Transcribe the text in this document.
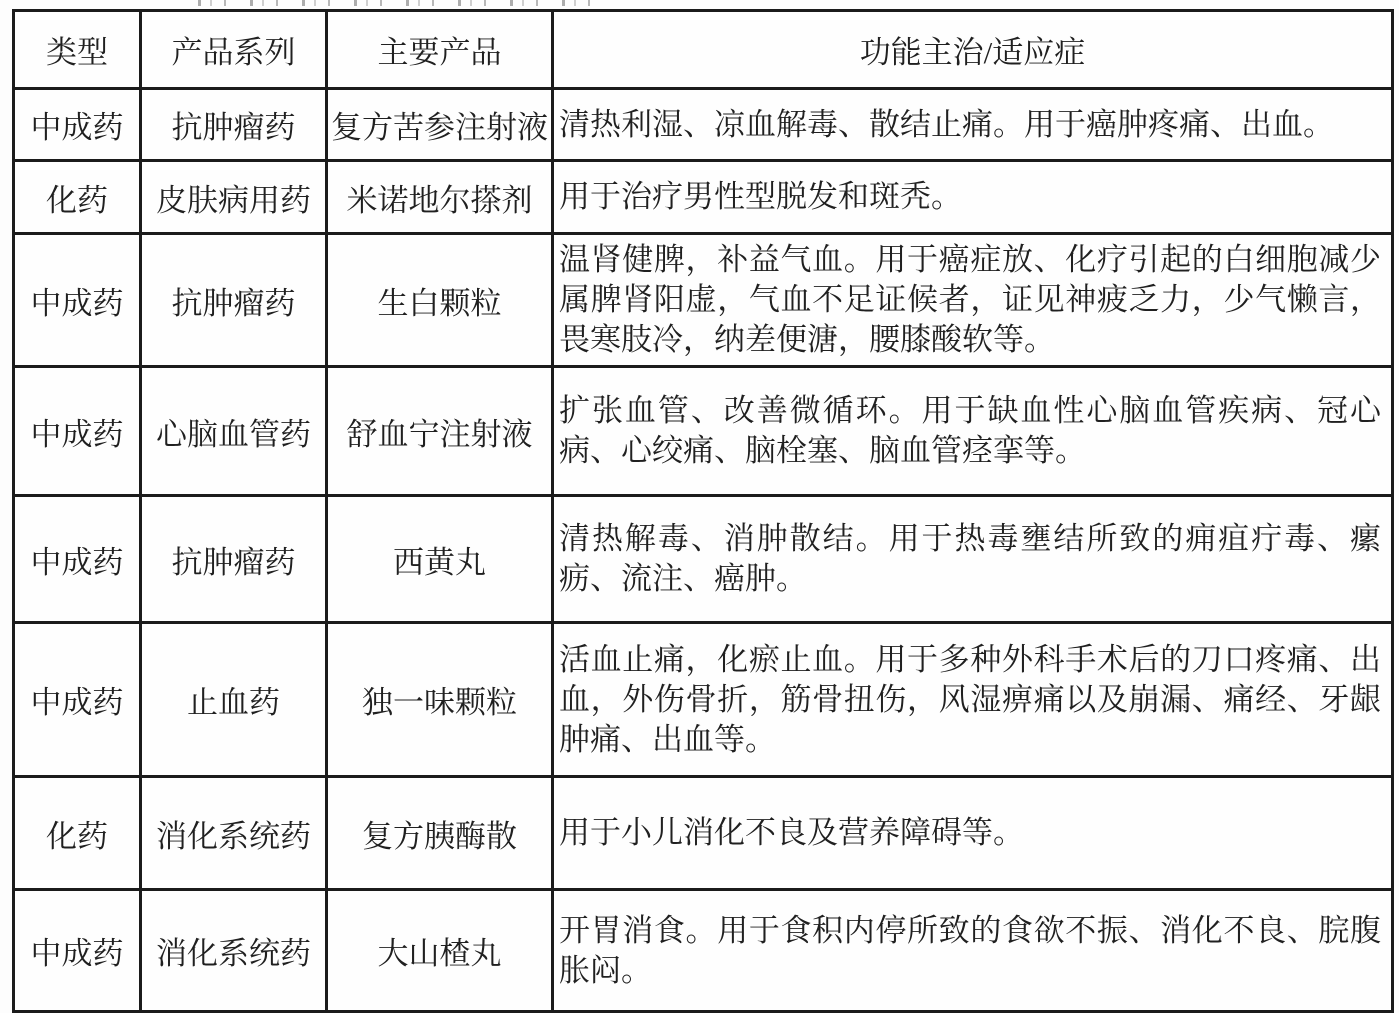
类型	产品系列	主要产品	功能主治/适应症
中成药	抗肿瘤药	复方苦参注射液	清热利湿、凉血解毒、散结止痛。用于癌肿疼痛、出血。
化药	皮肤病用药	米诺地尔搽剂	用于治疗男性型脱发和斑秃。
中成药	抗肿瘤药	生白颗粒	温肾健脾，补益气血。用于癌症放、化疗引起的白细胞减少属脾肾阳虚，气血不足证候者，证见神疲乏力，少气懒言，畏寒肢冷，纳差便溏，腰膝酸软等。
中成药	心脑血管药	舒血宁注射液	扩张血管、改善微循环。用于缺血性心脑血管疾病、冠心病、心绞痛、脑栓塞、脑血管痉挛等。
中成药	抗肿瘤药	西黄丸	清热解毒、消肿散结。用于热毒壅结所致的痈疽疔毒、瘰疬、流注、癌肿。
中成药	止血药	独一味颗粒	活血止痛，化瘀止血。用于多种外科手术后的刀口疼痛、出血，外伤骨折，筋骨扭伤，风湿痹痛以及崩漏、痛经、牙龈肿痛、出血等。
化药	消化系统药	复方胰酶散	用于小儿消化不良及营养障碍等。
中成药	消化系统药	大山楂丸	开胃消食。用于食积内停所致的食欲不振、消化不良、脘腹胀闷。
